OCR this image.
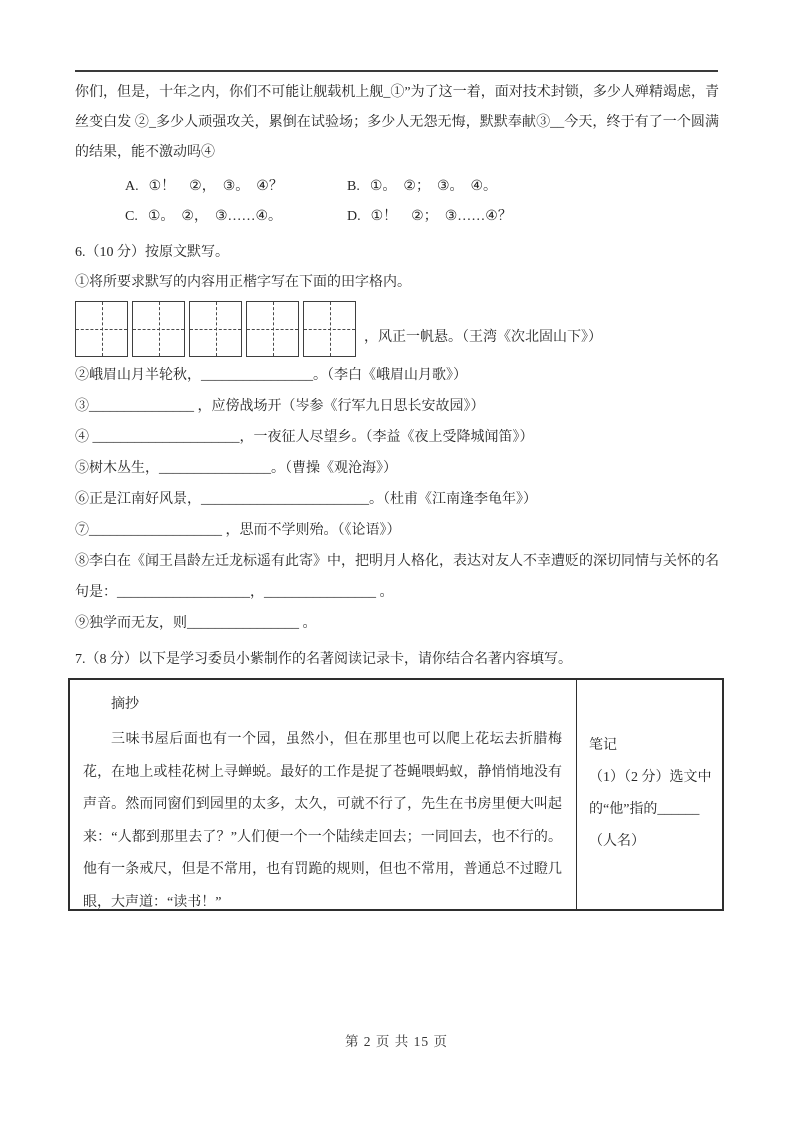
你们，但是，十年之内，你们不可能让舰载机上舰_①”为了这一着，面对技术封锁，多少人殚精竭虑，青丝变白发 ②_多少人顽强攻关，累倒在试验场；多少人无怨无悔，默默奉献③__今天，终于有了一个圆满的结果，能不激动吗④

A. ①！　②，　③。　④？	B. ①。　②；　③。　④。
C. ①。　②，　③……④。	D. ①！　②；　③……④？
6.（10 分）按原文默写。
①将所要求默写的内容用正楷字写在下面的田字格内。
，风正一帆悬。（王湾《次北固山下》）
②峨眉山月半轮秋，________________。（李白《峨眉山月歌》）
③_______________ ，应傍战场开（岑参《行军九日思长安故园》）
④ _____________________，一夜征人尽望乡。（李益《夜上受降城闻笛》）
⑤树木丛生，________________。（曹操《观沧海》）
⑥正是江南好风景，________________________。（杜甫《江南逢李龟年》）
⑦___________________ ，思而不学则殆。（《论语》）
⑧李白在《闻王昌龄左迁龙标遥有此寄》中，把明月人格化，表达对友人不幸遭贬的深切同情与关怀的名句是：___________________，________________ 。
⑨独学而无友，则________________ 。
7.（8 分）以下是学习委员小紫制作的名著阅读记录卡，请你结合名著内容填写。
摘抄

三味书屋后面也有一个园，虽然小，但在那里也可以爬上花坛去折腊梅花，在地上或桂花树上寻蝉蜕。最好的工作是捉了苍蝇喂蚂蚁，静悄悄地没有声音。然而同窗们到园里的太多，太久，可就不行了，先生在书房里便大叫起来：“人都到那里去了？”人们便一个一个陆续走回去；一同回去，也不行的。他有一条戒尺，但是不常用，也有罚跪的规则，但也不常用，普通总不过瞪几眼，大声道：“读书！”

笔记
（1）（2 分）选文中的“他”指的______（人名）
第 2 页 共 15 页
